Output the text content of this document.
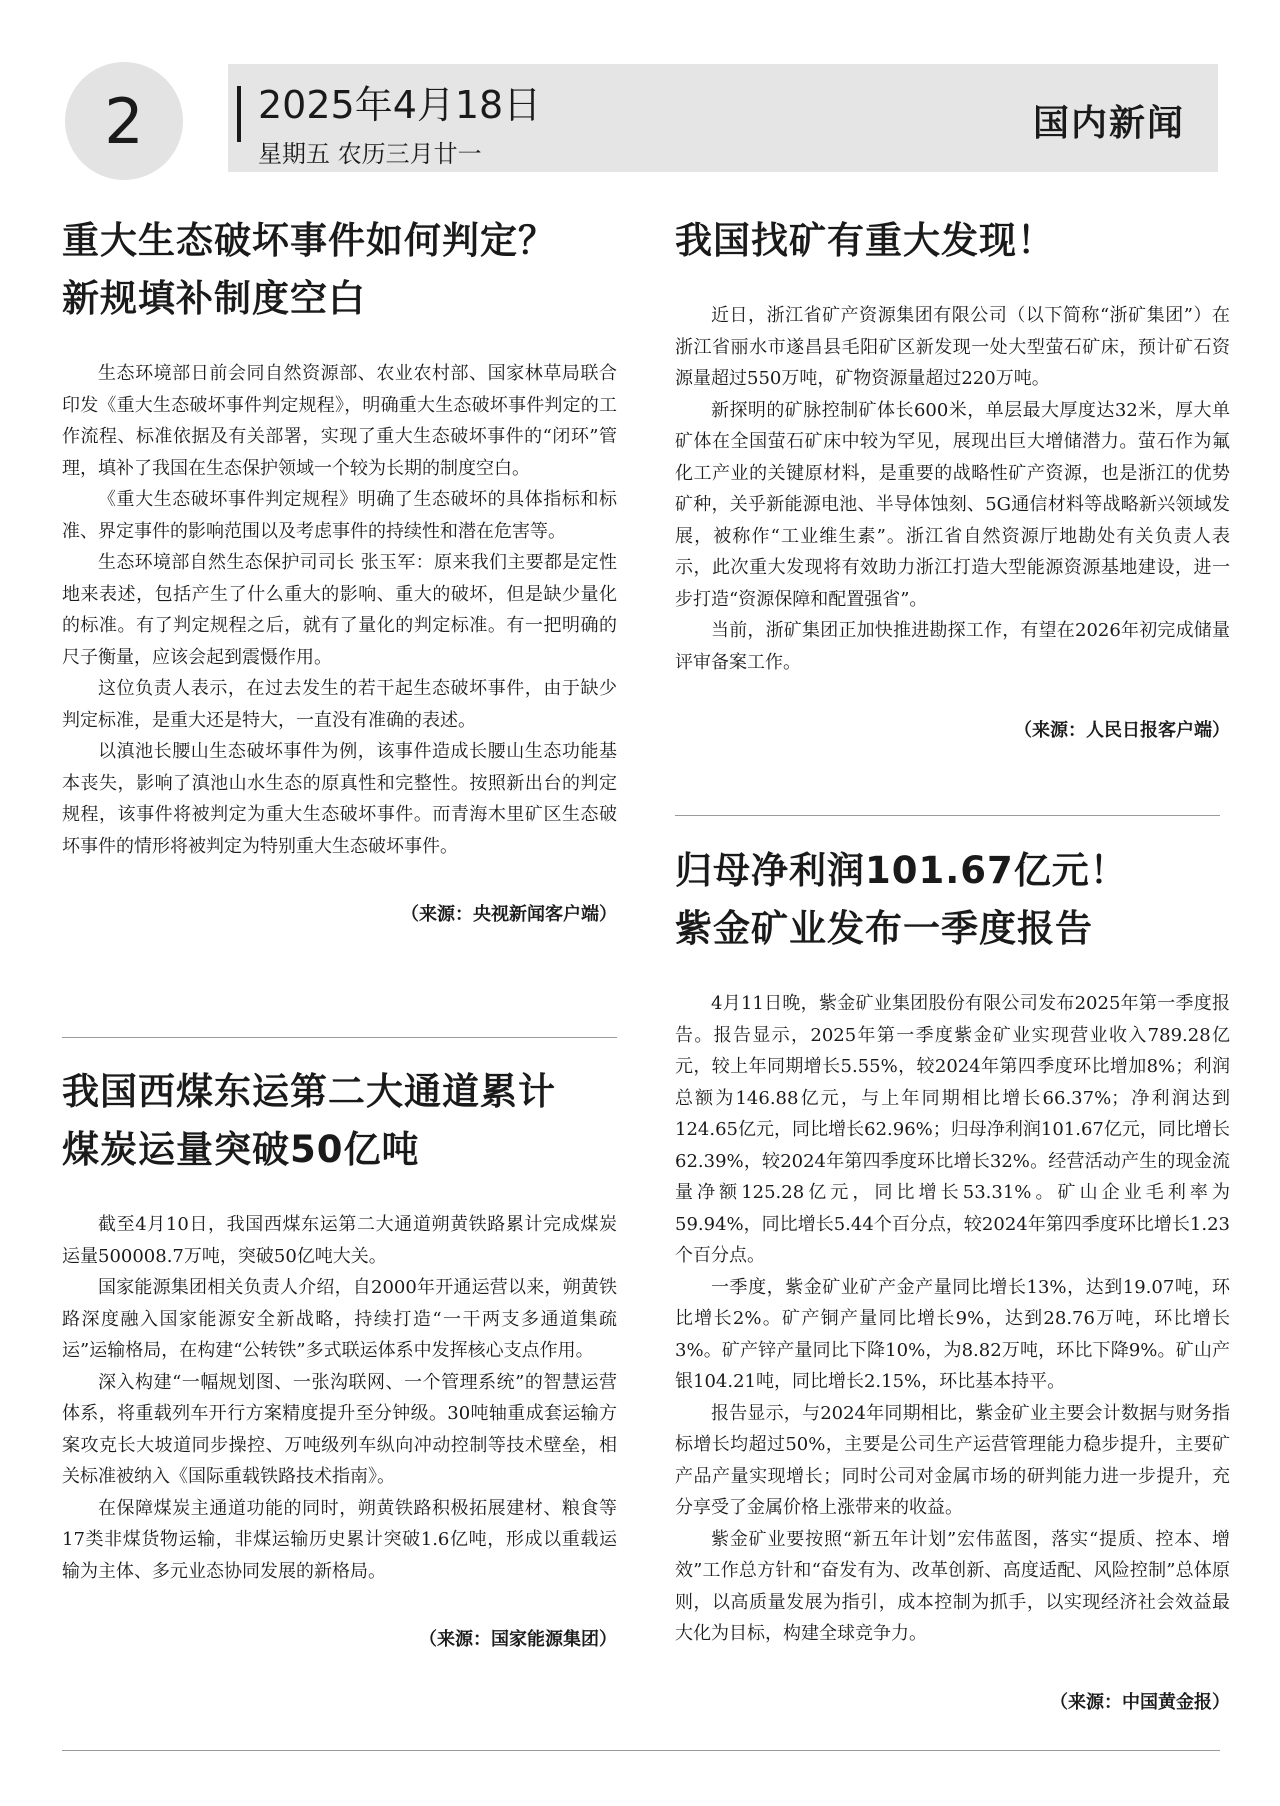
2	2025年4月18日
星期五 农历三月廿一
国内新闻
重大生态破坏事件如何判定？
新规填补制度空白

生态环境部日前会同自然资源部、农业农村部、国家林草局联合印发《重大生态破坏事件判定规程》，明确重大生态破坏事件判定的工作流程、标准依据及有关部署，实现了重大生态破坏事件的“闭环”管理，填补了我国在生态保护领域一个较为长期的制度空白。

《重大生态破坏事件判定规程》明确了生态破坏的具体指标和标准、界定事件的影响范围以及考虑事件的持续性和潜在危害等。

生态环境部自然生态保护司司长 张玉军：原来我们主要都是定性地来表述，包括产生了什么重大的影响、重大的破坏，但是缺少量化的标准。有了判定规程之后，就有了量化的判定标准。有一把明确的尺子衡量，应该会起到震慑作用。

这位负责人表示，在过去发生的若干起生态破坏事件，由于缺少判定标准，是重大还是特大，一直没有准确的表述。

以滇池长腰山生态破坏事件为例，该事件造成长腰山生态功能基本丧失，影响了滇池山水生态的原真性和完整性。按照新出台的判定规程，该事件将被判定为重大生态破坏事件。而青海木里矿区生态破坏事件的情形将被判定为特别重大生态破坏事件。

（来源：央视新闻客户端）
我国西煤东运第二大通道累计
煤炭运量突破50亿吨

截至4月10日，我国西煤东运第二大通道朔黄铁路累计完成煤炭运量500008.7万吨，突破50亿吨大关。

国家能源集团相关负责人介绍，自2000年开通运营以来，朔黄铁路深度融入国家能源安全新战略，持续打造“一干两支多通道集疏运”运输格局，在构建“公转铁”多式联运体系中发挥核心支点作用。

深入构建“一幅规划图、一张沟联网、一个管理系统”的智慧运营体系，将重载列车开行方案精度提升至分钟级。30吨轴重成套运输方案攻克长大坡道同步操控、万吨级列车纵向冲动控制等技术壁垒，相关标准被纳入《国际重载铁路技术指南》。

在保障煤炭主通道功能的同时，朔黄铁路积极拓展建材、粮食等17类非煤货物运输，非煤运输历史累计突破1.6亿吨，形成以重载运输为主体、多元业态协同发展的新格局。

（来源：国家能源集团）
我国找矿有重大发现！

近日，浙江省矿产资源集团有限公司（以下简称“浙矿集团”）在浙江省丽水市遂昌县毛阳矿区新发现一处大型萤石矿床，预计矿石资源量超过550万吨，矿物资源量超过220万吨。

新探明的矿脉控制矿体长600米，单层最大厚度达32米，厚大单矿体在全国萤石矿床中较为罕见，展现出巨大增储潜力。萤石作为氟化工产业的关键原材料，是重要的战略性矿产资源，也是浙江的优势矿种，关乎新能源电池、半导体蚀刻、5G通信材料等战略新兴领域发展，被称作“工业维生素”。浙江省自然资源厅地勘处有关负责人表示，此次重大发现将有效助力浙江打造大型能源资源基地建设，进一步打造“资源保障和配置强省”。

当前，浙矿集团正加快推进勘探工作，有望在2026年初完成储量评审备案工作。

（来源：人民日报客户端）
归母净利润101.67亿元！
紫金矿业发布一季度报告

4月11日晚，紫金矿业集团股份有限公司发布2025年第一季度报告。报告显示，2025年第一季度紫金矿业实现营业收入789.28亿元，较上年同期增长5.55%，较2024年第四季度环比增加8%；利润总额为146.88亿元，与上年同期相比增长66.37%；净利润达到124.65亿元，同比增长62.96%；归母净利润101.67亿元，同比增长62.39%，较2024年第四季度环比增长32%。经营活动产生的现金流量净额125.28亿元，同比增长53.31%。矿山企业毛利率为59.94%，同比增长5.44个百分点，较2024年第四季度环比增长1.23个百分点。

一季度，紫金矿业矿产金产量同比增长13%，达到19.07吨，环比增长2%。矿产铜产量同比增长9%，达到28.76万吨，环比增长3%。矿产锌产量同比下降10%，为8.82万吨，环比下降9%。矿山产银104.21吨，同比增长2.15%，环比基本持平。

报告显示，与2024年同期相比，紫金矿业主要会计数据与财务指标增长均超过50%，主要是公司生产运营管理能力稳步提升，主要矿产品产量实现增长；同时公司对金属市场的研判能力进一步提升，充分享受了金属价格上涨带来的收益。

紫金矿业要按照“新五年计划”宏伟蓝图，落实“提质、控本、增效”工作总方针和“奋发有为、改革创新、高度适配、风险控制”总体原则，以高质量发展为指引，成本控制为抓手，以实现经济社会效益最大化为目标，构建全球竞争力。

（来源：中国黄金报）
